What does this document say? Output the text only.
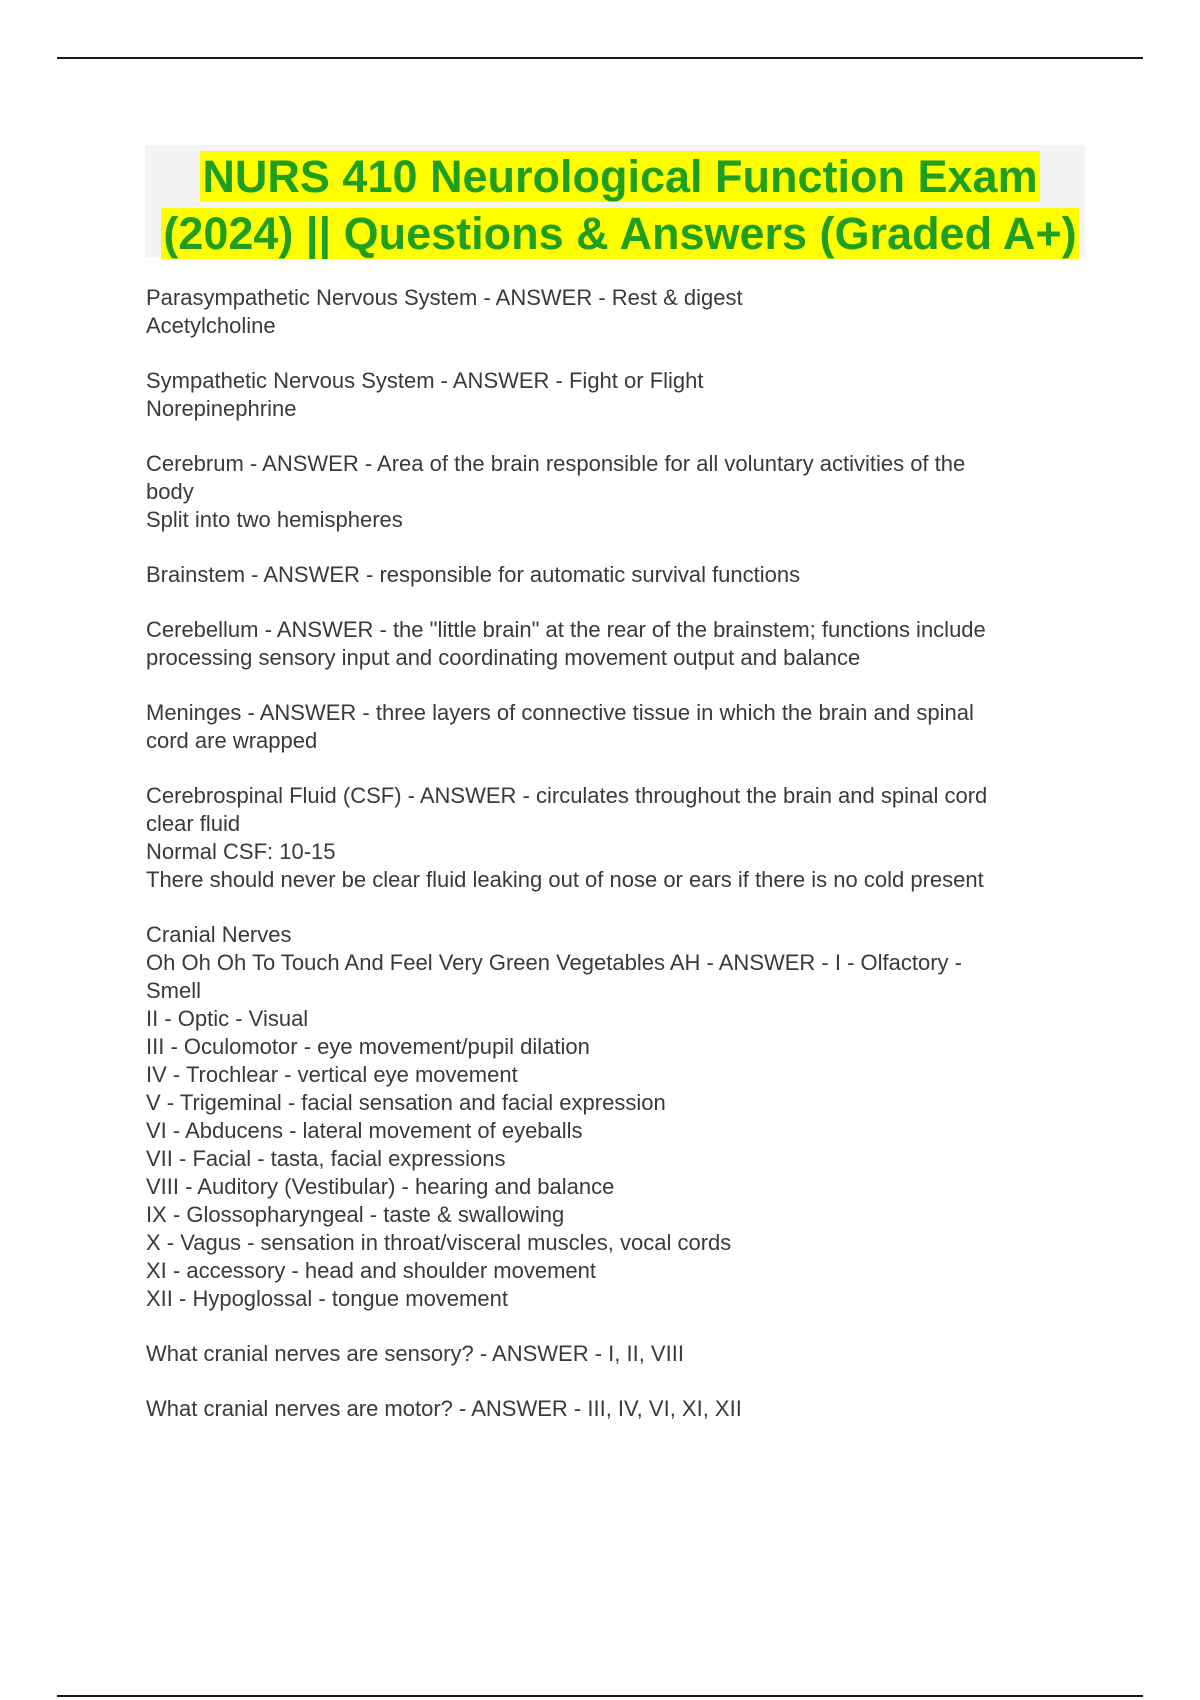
NURS 410 Neurological Function Exam
(2024) || Questions & Answers (Graded A+)
Parasympathetic Nervous System - ANSWER - Rest & digest
Acetylcholine
Sympathetic Nervous System - ANSWER - Fight or Flight
Norepinephrine
Cerebrum - ANSWER - Area of the brain responsible for all voluntary activities of the
body
Split into two hemispheres
Brainstem - ANSWER - responsible for automatic survival functions
Cerebellum - ANSWER - the "little brain" at the rear of the brainstem; functions include
processing sensory input and coordinating movement output and balance
Meninges - ANSWER - three layers of connective tissue in which the brain and spinal
cord are wrapped
Cerebrospinal Fluid (CSF) - ANSWER - circulates throughout the brain and spinal cord
clear fluid
Normal CSF: 10-15
There should never be clear fluid leaking out of nose or ears if there is no cold present
Cranial Nerves
Oh Oh Oh To Touch And Feel Very Green Vegetables AH - ANSWER - I - Olfactory -
Smell
II - Optic - Visual
III - Oculomotor - eye movement/pupil dilation
IV - Trochlear - vertical eye movement
V - Trigeminal - facial sensation and facial expression
VI - Abducens - lateral movement of eyeballs
VII - Facial - tasta, facial expressions
VIII - Auditory (Vestibular) - hearing and balance
IX - Glossopharyngeal - taste & swallowing
X - Vagus - sensation in throat/visceral muscles, vocal cords
XI - accessory - head and shoulder movement
XII - Hypoglossal - tongue movement
What cranial nerves are sensory? - ANSWER - I, II, VIII
What cranial nerves are motor? - ANSWER - III, IV, VI, XI, XII
